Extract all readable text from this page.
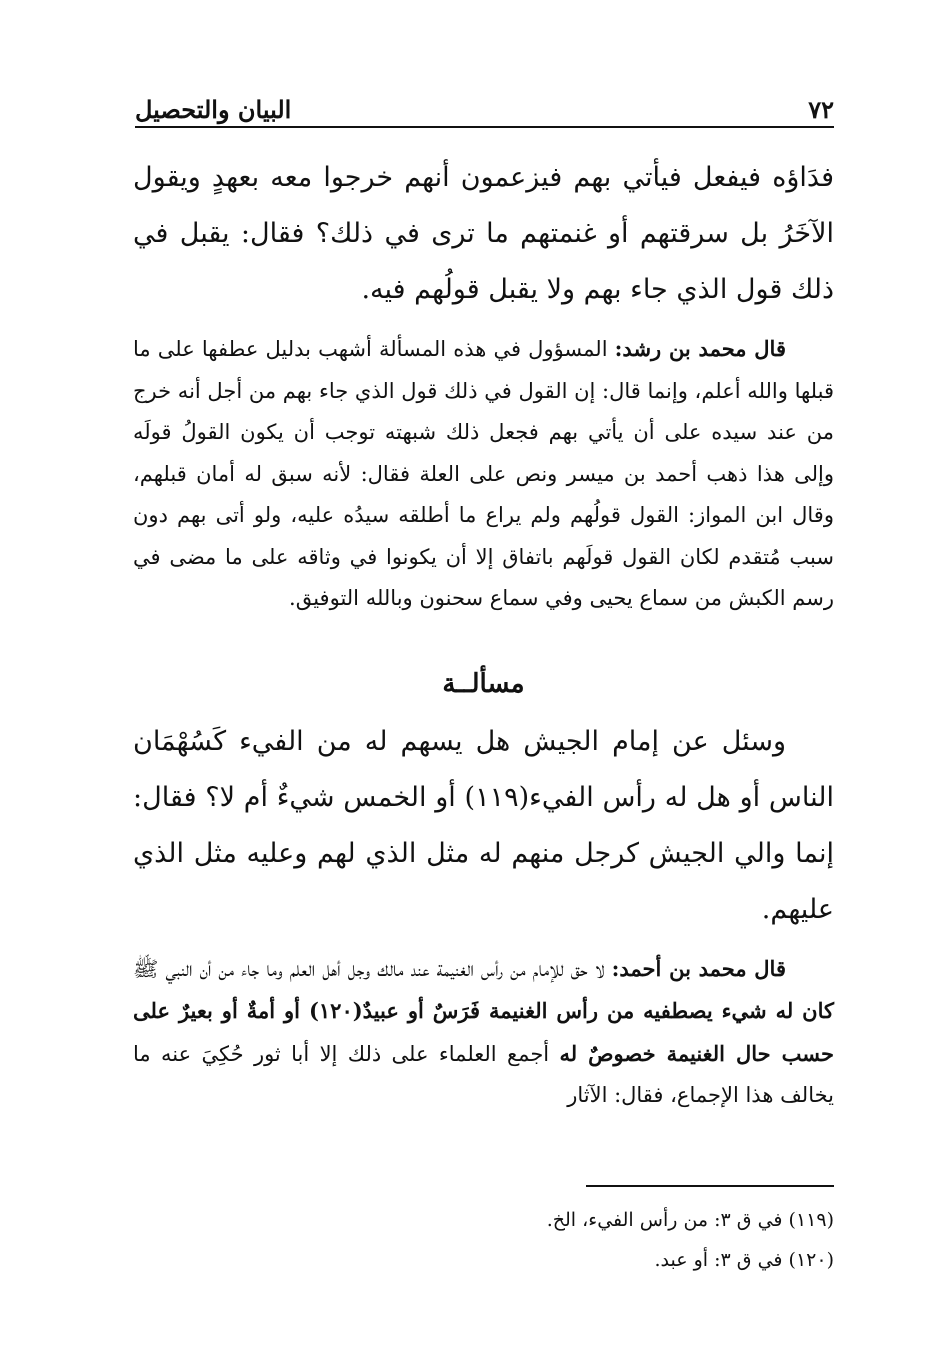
٧٢
البيان والتحصيل

فدَاؤه فيفعل فيأتي بهم فيزعمون أنهم خرجوا معه بعهدٍ ويقول الآخَرُ بل سرقتهم أو غنمتهم ما ترى في ذلك؟ فقال: يقبل في ذلك قول الذي جاء بهم ولا يقبل قولُهم فيه.

قال محمد بن رشد: المسؤول في هذه المسألة أشهب بدليل عطفها على ما قبلها والله أعلم، وإنما قال: إن القول في ذلك قول الذي جاء بهم من أجل أنه خرج من عند سيده على أن يأتي بهم فجعل ذلك شبهته توجب أن يكون القولُ قولَه وإلى هذا ذهب أحمد بن ميسر ونص على العلة فقال: لأنه سبق له أمان قبلهم، وقال ابن المواز: القول قولُهم ولم يراع ما أطلقه سيدُه عليه، ولو أتى بهم دون سبب مُتقدم لكان القول قولَهم باتفاق إلا أن يكونوا في وثاقه على ما مضى في رسم الكبش من سماع يحيى وفي سماع سحنون وبالله التوفيق.

مسألــة

وسئل عن إمام الجيش هل يسهم له من الفيء كَسُهْمَان الناس أو هل له رأس الفيء(١١٩) أو الخمس شيءٌ أم لا؟ فقال: إنما والي الجيش كرجل منهم له مثل الذي لهم وعليه مثل الذي عليهم.

قال محمد بن أحمد: لا حق للإمام من رأس الغنيمة عند مالك وجل أهل العلم وما جاء من أن النبي ﷺ كان له شيء يصطفيه من رأس الغنيمة فَرَسٌ أو عبيدٌ(١٢٠) أو أمةٌ أو بعيرٌ على حسب حال الغنيمة خصوصٌ له أجمع العلماء على ذلك إلا أبا ثور حُكِيَ عنه ما يخالف هذا الإجماع، فقال: الآثار

(١١٩) في ق ٣: من رأس الفيء، الخ.
(١٢٠) في ق ٣: أو عبد.
